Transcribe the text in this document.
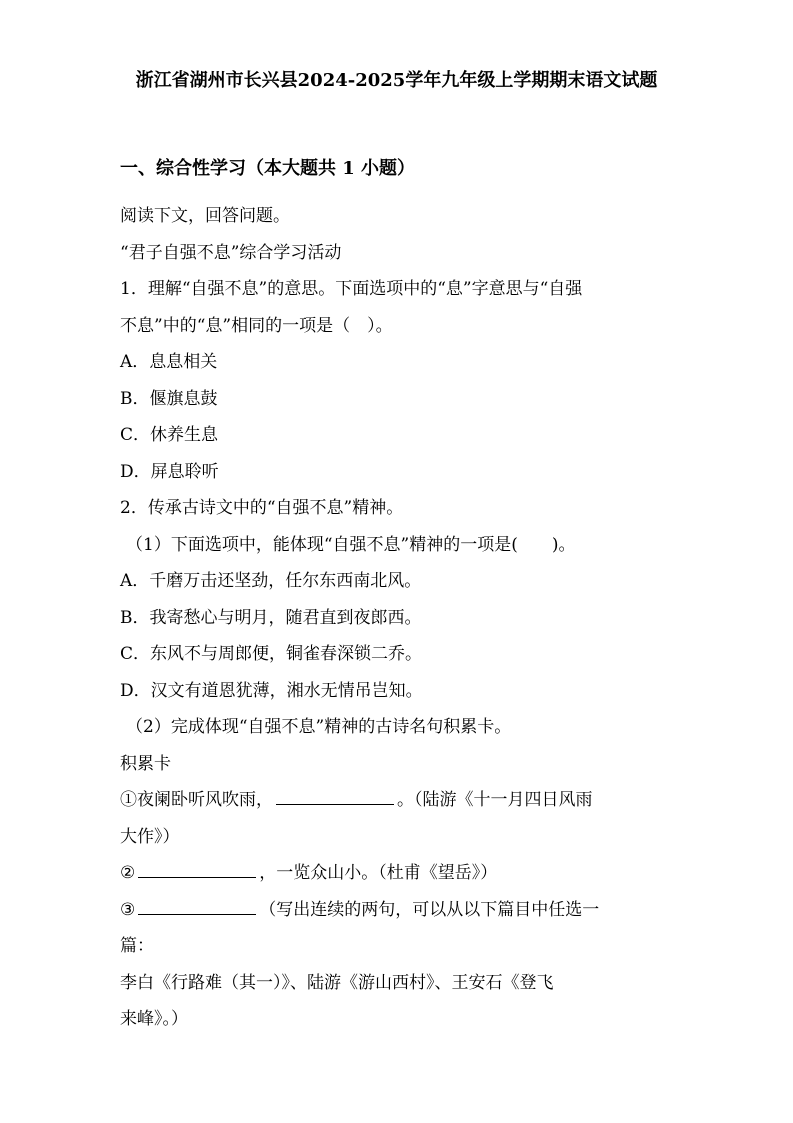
浙江省湖州市长兴县2024-2025学年九年级上学期期末语文试题
一、综合性学习（本大题共 1 小题）
阅读下文，回答问题。
“君子自强不息”综合学习活动
1．理解“自强不息”的意思。下面选项中的“息”字意思与“自强
不息”中的“息”相同的一项是（　）。
A．息息相关
B．偃旗息鼓
C．休养生息
D．屏息聆听
2．传承古诗文中的“自强不息”精神。
（1）下面选项中，能体现“自强不息”精神的一项是(　　)。
A．千磨万击还坚劲，任尔东西南北风。
B．我寄愁心与明月，随君直到夜郎西。
C．东风不与周郎便，铜雀春深锁二乔。
D．汉文有道恩犹薄，湘水无情吊岂知。
（2）完成体现“自强不息”精神的古诗名句积累卡。
积累卡
①夜阑卧听风吹雨，	。（陆游《十一月四日风雨
大作》）
②	，一览众山小。（杜甫《望岳》）
③	（写出连续的两句，可以从以下篇目中任选一
篇：
李白《行路难（其一）》、陆游《游山西村》、王安石《登飞
来峰》。）
